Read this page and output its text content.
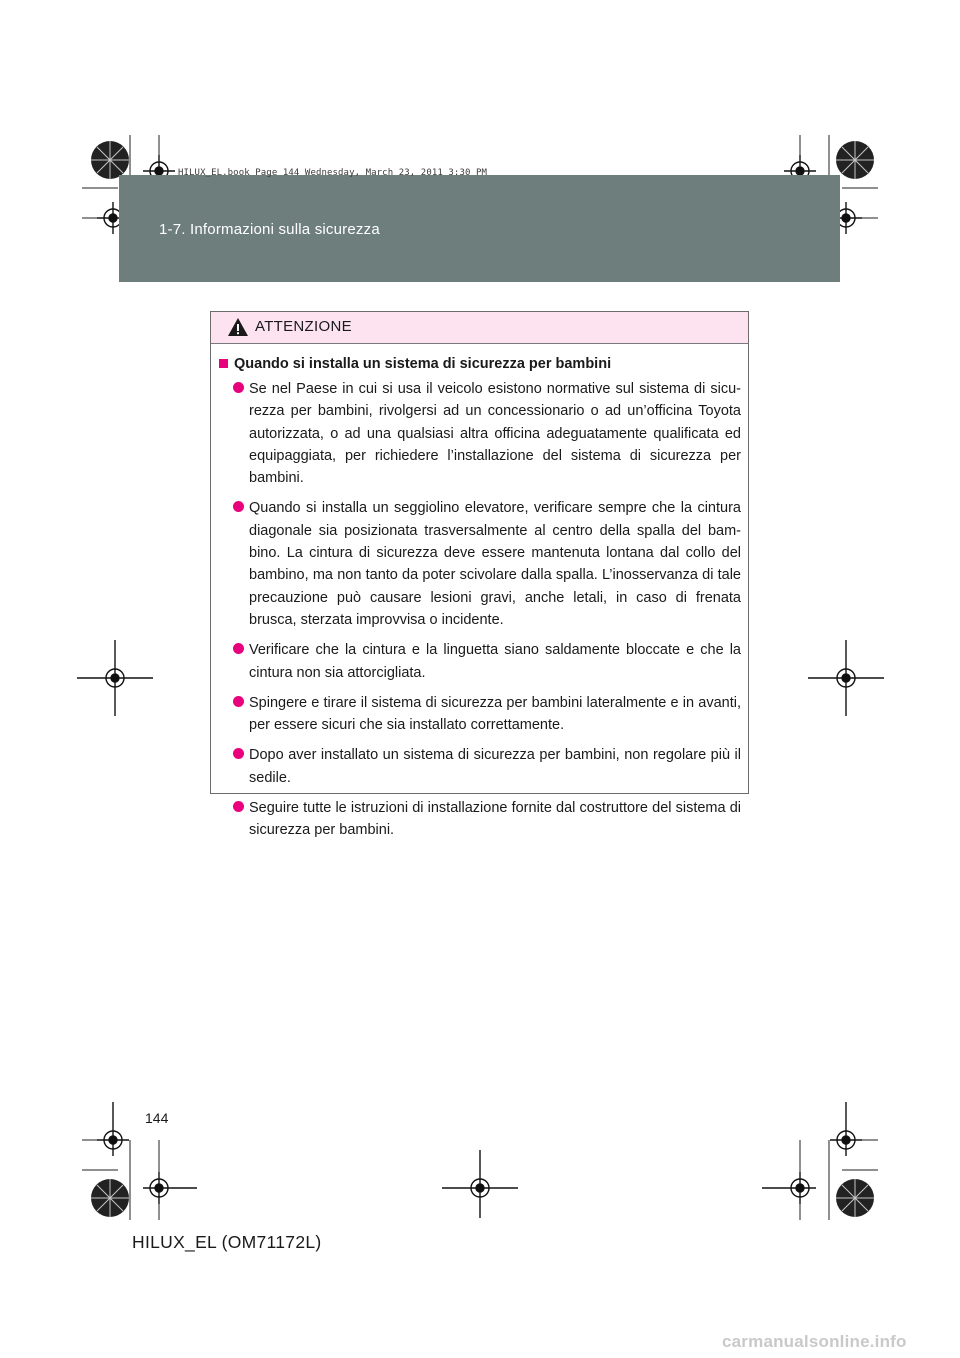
1-7. Informazioni sulla sicurezza
HILUX_EL.book Page 144 Wednesday, March 23, 2011 3:30 PM
ATTENZIONE
Quando si installa un sistema di sicurezza per bambini

Se nel Paese in cui si usa il veicolo esistono normative sul sistema di sicu-rezza per bambini, rivolgersi ad un concessionario o ad un’officina Toyota autorizzata, o ad una qualsiasi altra officina adeguatamente qualificata ed equipaggiata, per richiedere l’installazione del sistema di sicurezza per bambini.

Quando si installa un seggiolino elevatore, verificare sempre che la cintura diagonale sia posizionata trasversalmente al centro della spalla del bam-bino. La cintura di sicurezza deve essere mantenuta lontana dal collo del bambino, ma non tanto da poter scivolare dalla spalla. L’inosservanza di tale precauzione può causare lesioni gravi, anche letali, in caso di frenata brusca, sterzata improvvisa o incidente.

Verificare che la cintura e la linguetta siano saldamente bloccate e che la cintura non sia attorcigliata.

Spingere e tirare il sistema di sicurezza per bambini lateralmente e in avanti, per essere sicuri che sia installato correttamente.

Dopo aver installato un sistema di sicurezza per bambini, non regolare più il sedile.

Seguire tutte le istruzioni di installazione fornite dal costruttore del sistema di sicurezza per bambini.

144
HILUX_EL (OM71172L)
carmanualsonline.info
